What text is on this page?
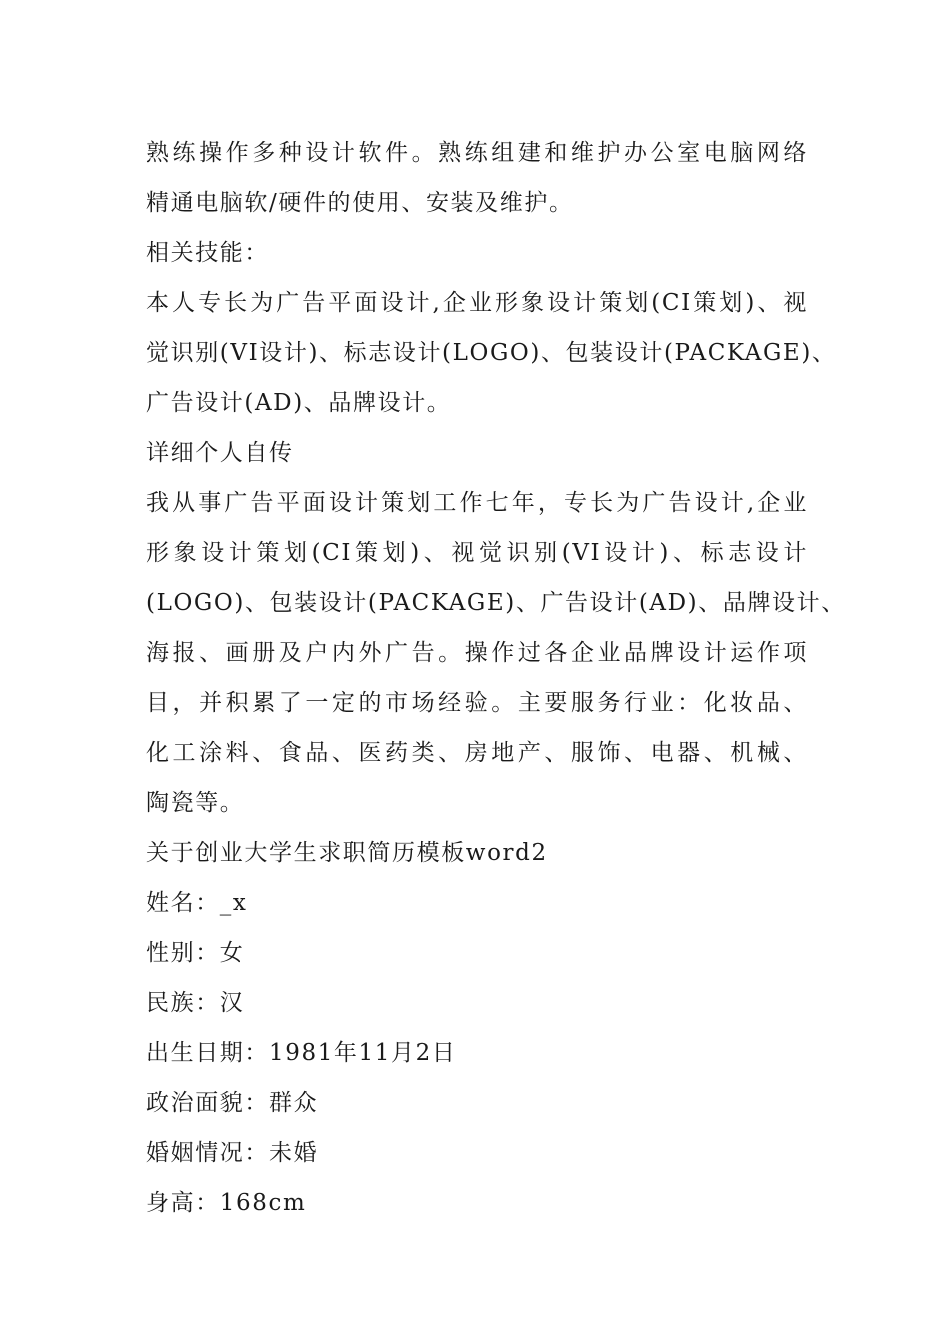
熟练操作多种设计软件。熟练组建和维护办公室电脑网络
精通电脑软/硬件的使用、安装及维护。
相关技能：
本人专长为广告平面设计,企业形象设计策划(CI策划)、视
觉识别(VI设计)、标志设计(LOGO)、包装设计(PACKAGE)、
广告设计(AD)、品牌设计。
详细个人自传
我从事广告平面设计策划工作七年，专长为广告设计,企业
形象设计策划(CI策划)、视觉识别(VI设计)、标志设计
(LOGO)、包装设计(PACKAGE)、广告设计(AD)、品牌设计、
海报、画册及户内外广告。操作过各企业品牌设计运作项
目，并积累了一定的市场经验。主要服务行业：化妆品、
化工涂料、食品、医药类、房地产、服饰、电器、机械、
陶瓷等。
关于创业大学生求职简历模板word2
姓名：_x
性别：女
民族：汉
出生日期：1981年11月2日
政治面貌：群众
婚姻情况：未婚
身高：168cm
